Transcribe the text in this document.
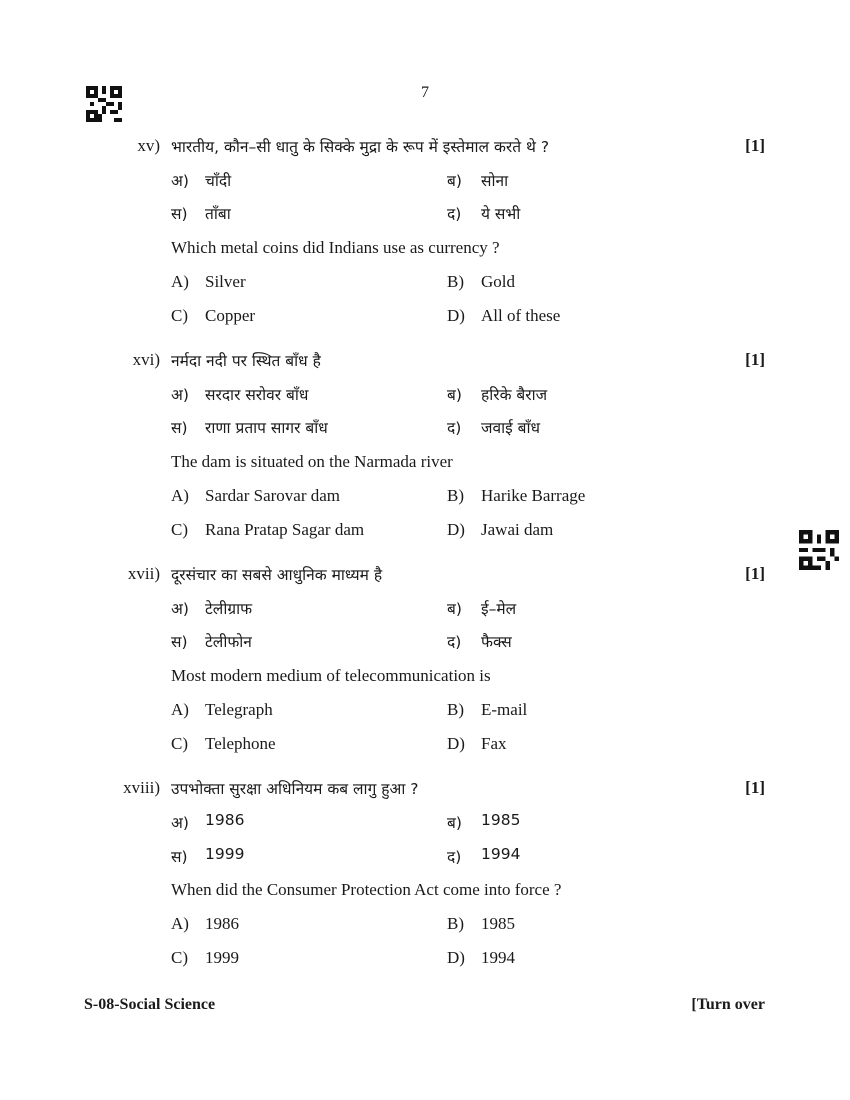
7
xv) भारतीय, कौन–सी धातु के सिक्के मुद्रा के रूप में इस्तेमाल करते थे ?	[1]
अ) चाँदी	ब)	सोना
स) ताँबा	द)	ये सभी
Which metal coins did Indians use as currency ?
A) Silver	B) Gold
C) Copper	D) All of these
xvi) नर्मदा नदी पर स्थित बाँध है	[1]
अ) सरदार सरोवर बाँध	ब)	हरिके बैराज
स) राणा प्रताप सागर बाँध	द)	जवाई बाँध
The dam is situated on the Narmada river
A) Sardar Sarovar dam	B) Harike Barrage
C) Rana Pratap Sagar dam	D) Jawai dam
xvii) दूरसंचार का सबसे आधुनिक माध्यम है	[1]
अ) टेलीग्राफ	ब)	ई–मेल
स) टेलीफोन	द)	फैक्स
Most modern medium of telecommunication is
A) Telegraph	B) E-mail
C) Telephone	D) Fax
xviii) उपभोक्ता सुरक्षा अधिनियम कब लागु हुआ ?	[1]
अ) 1986	ब)	1985
स) 1999	द)	1994
When did the Consumer Protection Act come into force ?
A) 1986	B) 1985
C) 1999	D) 1994
S-08-Social Science	[Turn over
